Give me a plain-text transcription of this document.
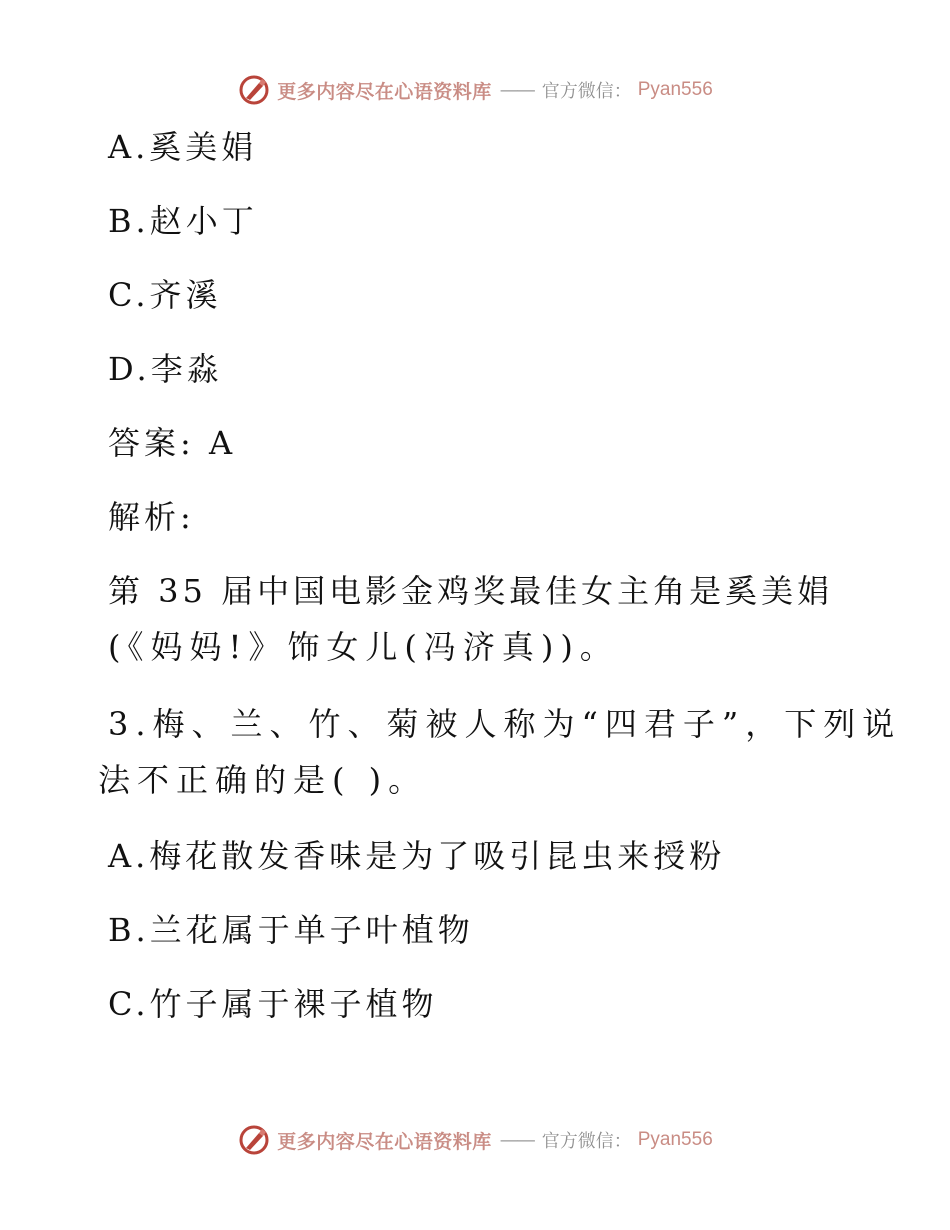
更多内容尽在心语资料库 —— 官方微信： Pyan556
A.奚美娟
B.赵小丁
C.齐溪
D.李淼
答案: A
解析:
第 35 届中国电影金鸡奖最佳女主角是奚美娟
(《妈妈!》饰女儿(冯济真))。
3.梅、兰、竹、菊被人称为“四君子”，下列说
法不正确的是( )。
A.梅花散发香味是为了吸引昆虫来授粉
B.兰花属于单子叶植物
C.竹子属于裸子植物
更多内容尽在心语资料库 —— 官方微信： Pyan556
